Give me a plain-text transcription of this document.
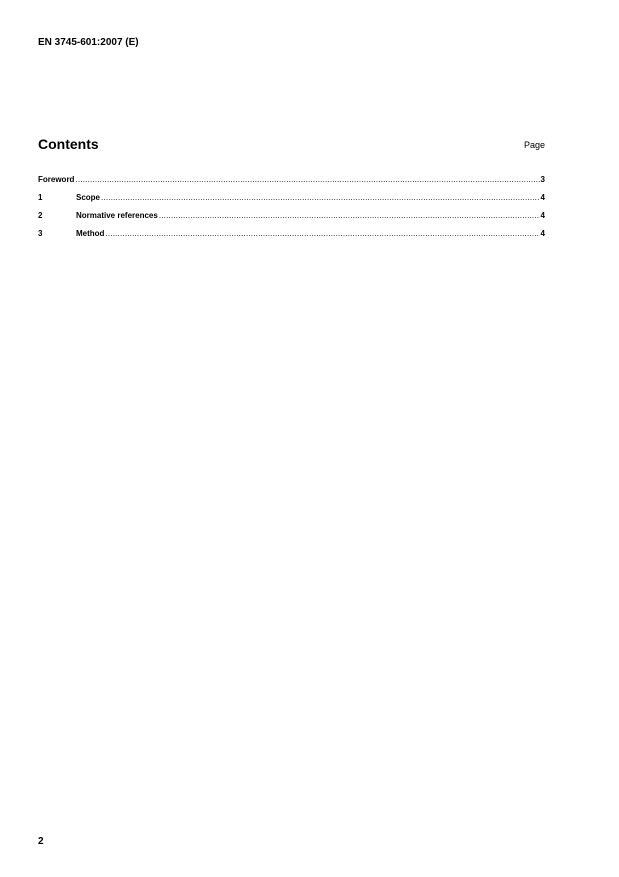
EN 3745-601:2007 (E)
Contents	Page
Foreword .....	3
1	Scope .....	4
2	Normative references .....	4
3	Method .....	4
2
